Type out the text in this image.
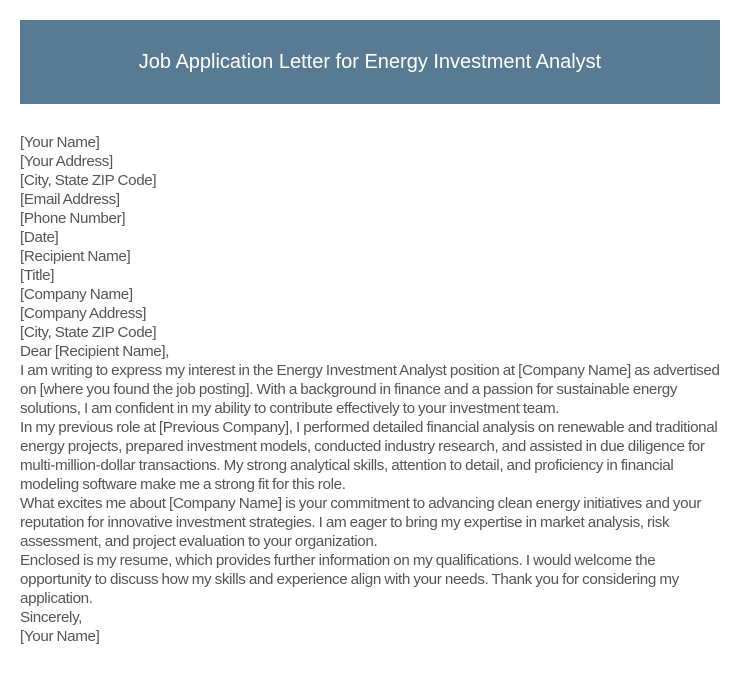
Job Application Letter for Energy Investment Analyst
[Your Name]
[Your Address]
[City, State ZIP Code]
[Email Address]
[Phone Number]
[Date]
[Recipient Name]
[Title]
[Company Name]
[Company Address]
[City, State ZIP Code]
Dear [Recipient Name],

I am writing to express my interest in the Energy Investment Analyst position at [Company Name] as advertised on [where you found the job posting]. With a background in finance and a passion for sustainable energy solutions, I am confident in my ability to contribute effectively to your investment team.

In my previous role at [Previous Company], I performed detailed financial analysis on renewable and traditional energy projects, prepared investment models, conducted industry research, and assisted in due diligence for multi-million-dollar transactions. My strong analytical skills, attention to detail, and proficiency in financial modeling software make me a strong fit for this role.

What excites me about [Company Name] is your commitment to advancing clean energy initiatives and your reputation for innovative investment strategies. I am eager to bring my expertise in market analysis, risk assessment, and project evaluation to your organization.

Enclosed is my resume, which provides further information on my qualifications. I would welcome the opportunity to discuss how my skills and experience align with your needs. Thank you for considering my application.

Sincerely,
[Your Name]
